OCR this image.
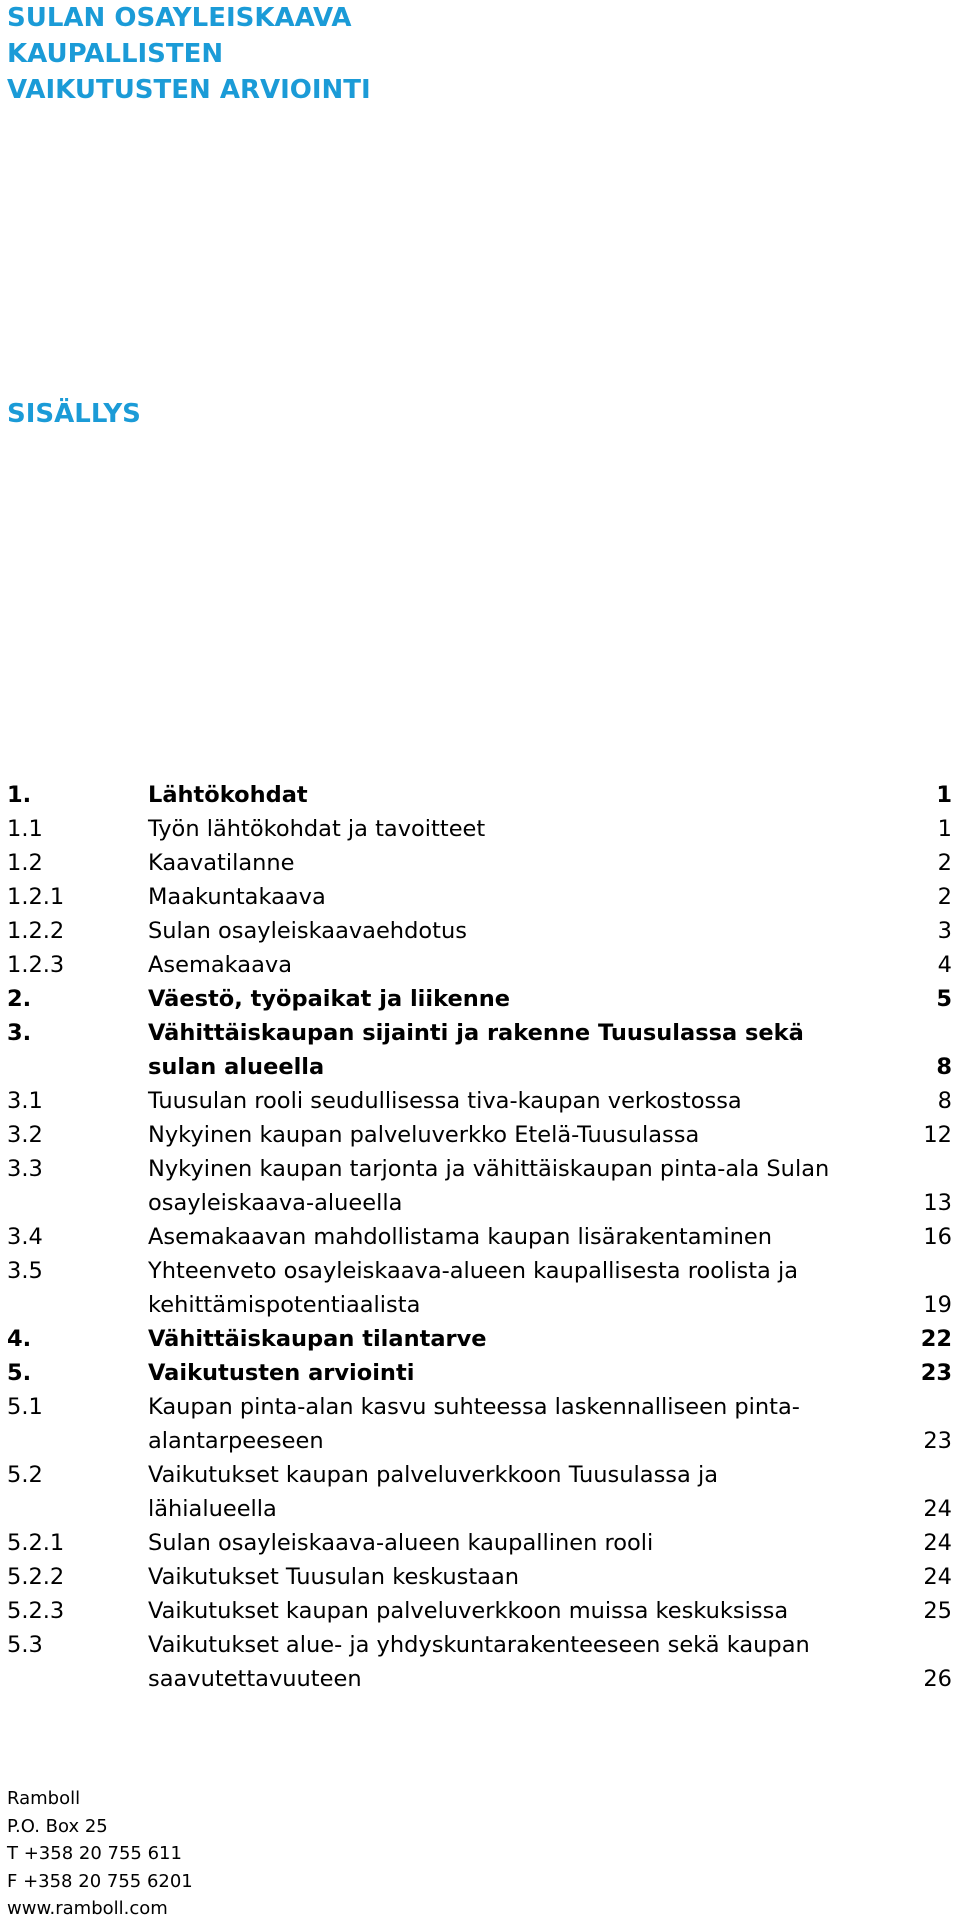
SULAN OSAYLEISKAAVA
KAUPALLISTEN
VAIKUTUSTEN ARVIOINTI
SISÄLLYS
1.	Lähtökohdat	1
1.1	Työn lähtökohdat ja tavoitteet	1
1.2	Kaavatilanne	2
1.2.1	Maakuntakaava	2
1.2.2	Sulan osayleiskaavaehdotus	3
1.2.3	Asemakaava	4
2.	Väestö, työpaikat ja liikenne	5
3.	Vähittäiskaupan sijainti ja rakenne Tuusulassa sekä
sulan alueella	8
3.1	Tuusulan rooli seudullisessa tiva-kaupan verkostossa	8
3.2	Nykyinen kaupan palveluverkko Etelä-Tuusulassa	12
3.3	Nykyinen kaupan tarjonta ja vähittäiskaupan pinta-ala Sulan
osayleiskaava-alueella	13
3.4	Asemakaavan mahdollistama kaupan lisärakentaminen	16
3.5	Yhteenveto osayleiskaava-alueen kaupallisesta roolista ja
kehittämispotentiaalista	19
4.	Vähittäiskaupan tilantarve	22
5.	Vaikutusten arviointi	23
5.1	Kaupan pinta-alan kasvu suhteessa laskennalliseen pinta-
alantarpeeseen	23
5.2	Vaikutukset kaupan palveluverkkoon Tuusulassa ja
lähialueella	24
5.2.1	Sulan osayleiskaava-alueen kaupallinen rooli	24
5.2.2	Vaikutukset Tuusulan keskustaan	24
5.2.3	Vaikutukset kaupan palveluverkkoon muissa keskuksissa	25
5.3	Vaikutukset alue- ja yhdyskuntarakenteeseen sekä kaupan
saavutettavuuteen	26
Ramboll
P.O. Box 25
T +358 20 755 611
F +358 20 755 6201
www.ramboll.com
